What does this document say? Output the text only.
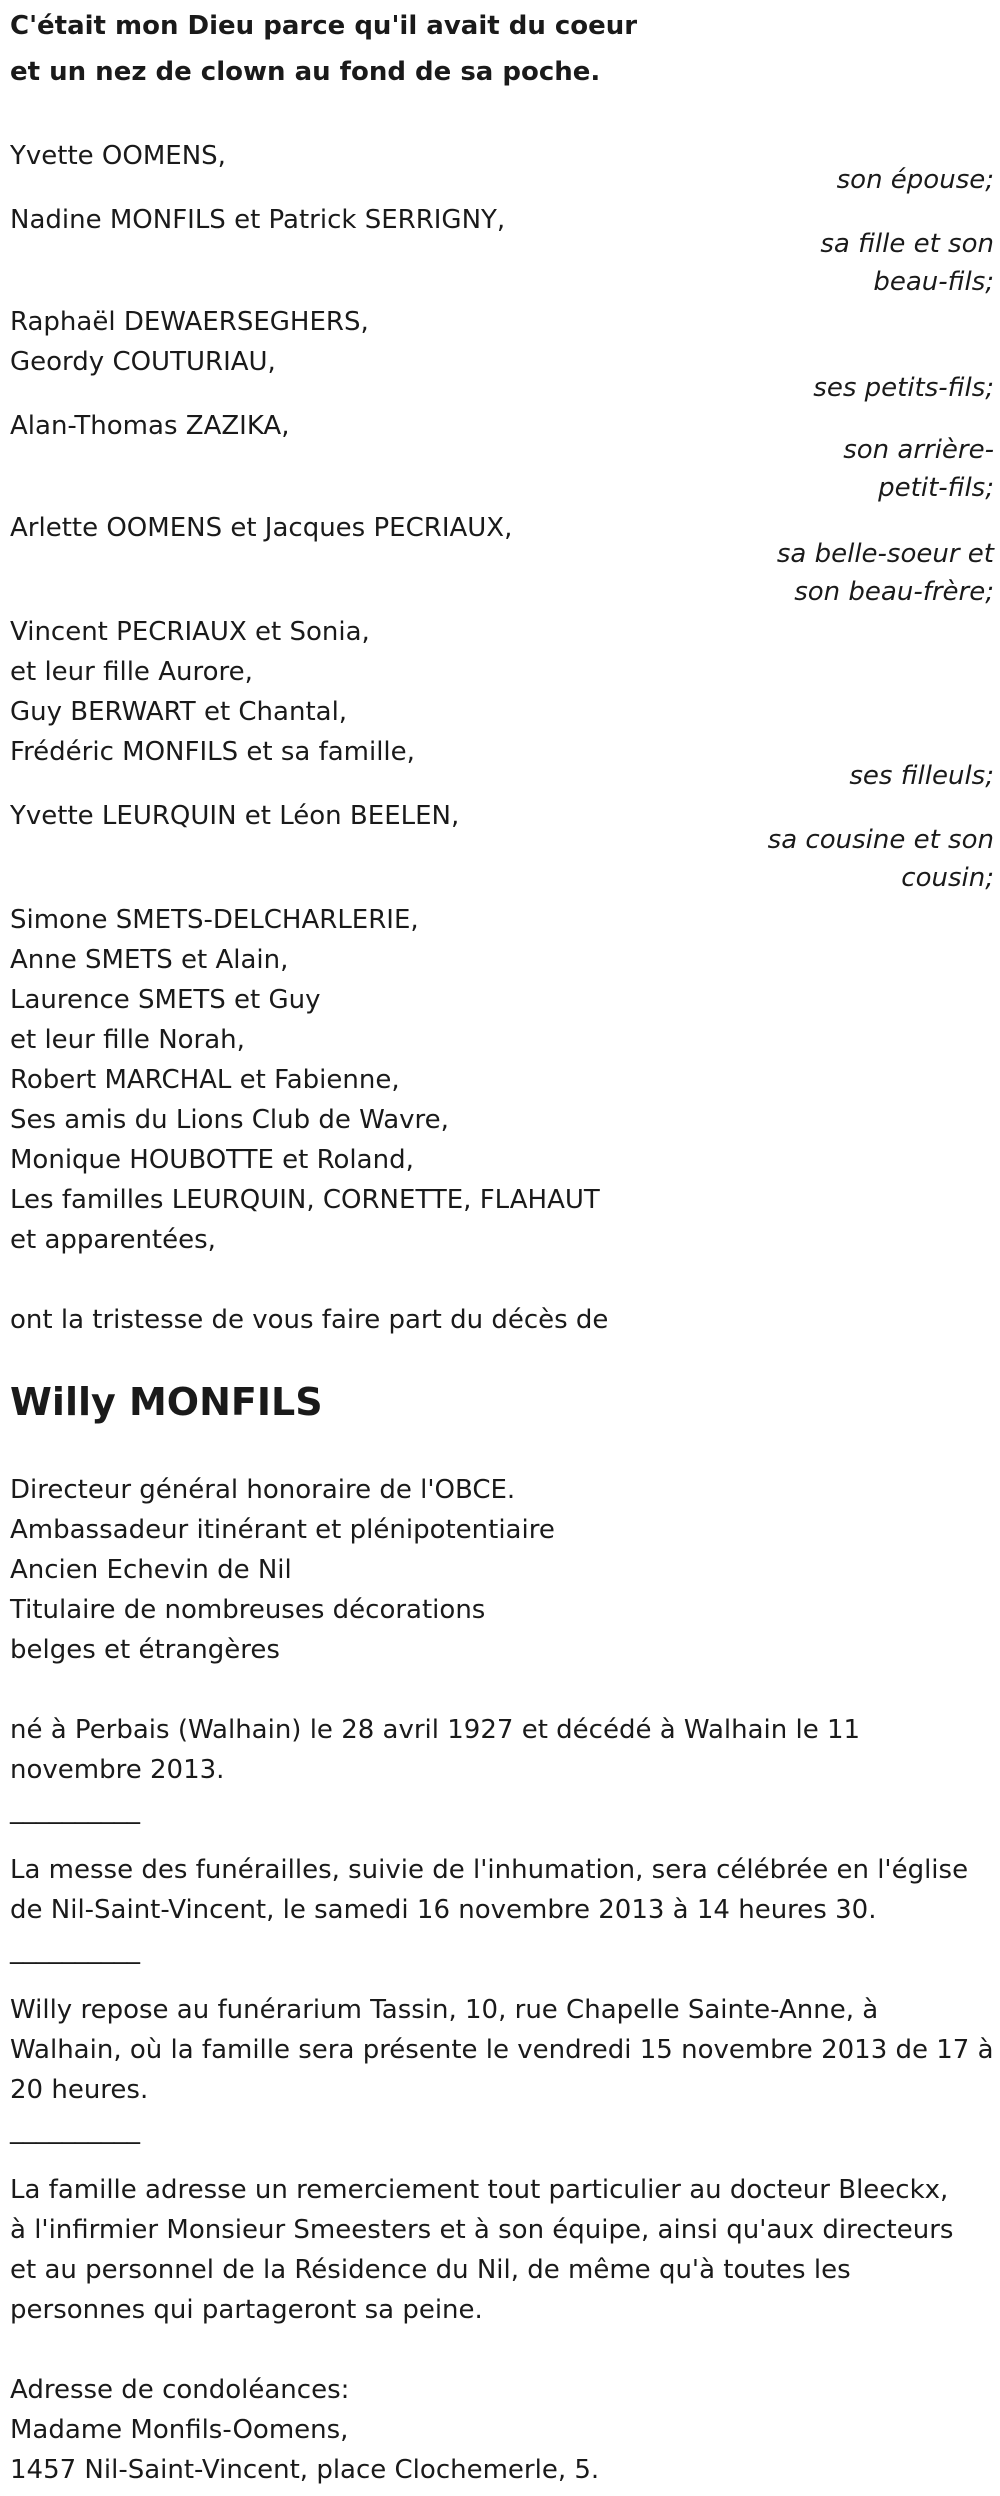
C'était mon Dieu parce qu'il avait du coeur
et un nez de clown au fond de sa poche.
Yvette OOMENS,
son épouse;
Nadine MONFILS et Patrick SERRIGNY,
sa fille et son
beau-fils;
Raphaël DEWAERSEGHERS,
Geordy COUTURIAU,
ses petits-fils;
Alan-Thomas ZAZIKA,
son arrière-
petit-fils;
Arlette OOMENS et Jacques PECRIAUX,
sa belle-soeur et
son beau-frère;
Vincent PECRIAUX et Sonia,
et leur fille Aurore,
Guy BERWART et Chantal,
Frédéric MONFILS et sa famille,
ses filleuls;
Yvette LEURQUIN et Léon BEELEN,
sa cousine et son
cousin;
Simone SMETS-DELCHARLERIE,
Anne SMETS et Alain,
Laurence SMETS et Guy
et leur fille Norah,
Robert MARCHAL et Fabienne,
Ses amis du Lions Club de Wavre,
Monique HOUBOTTE et Roland,
Les familles LEURQUIN, CORNETTE, FLAHAUT
et apparentées,
ont la tristesse de vous faire part du décès de
Willy MONFILS
Directeur général honoraire de l'OBCE.
Ambassadeur itinérant et plénipotentiaire
Ancien Echevin de Nil
Titulaire de nombreuses décorations
belges et étrangères
né à Perbais (Walhain) le 28 avril 1927 et décédé à Walhain le 11
novembre 2013.
__________
La messe des funérailles, suivie de l'inhumation, sera célébrée en l'église
de Nil-Saint-Vincent, le samedi 16 novembre 2013 à 14 heures 30.
__________
Willy repose au funérarium Tassin, 10, rue Chapelle Sainte-Anne, à
Walhain, où la famille sera présente le vendredi 15 novembre 2013 de 17 à
20 heures.
__________
La famille adresse un remerciement tout particulier au docteur Bleeckx,
à l'infirmier Monsieur Smeesters et à son équipe, ainsi qu'aux directeurs
et au personnel de la Résidence du Nil, de même qu'à toutes les
personnes qui partageront sa peine.
Adresse de condoléances:
Madame Monfils-Oomens,
1457 Nil-Saint-Vincent, place Clochemerle, 5.
